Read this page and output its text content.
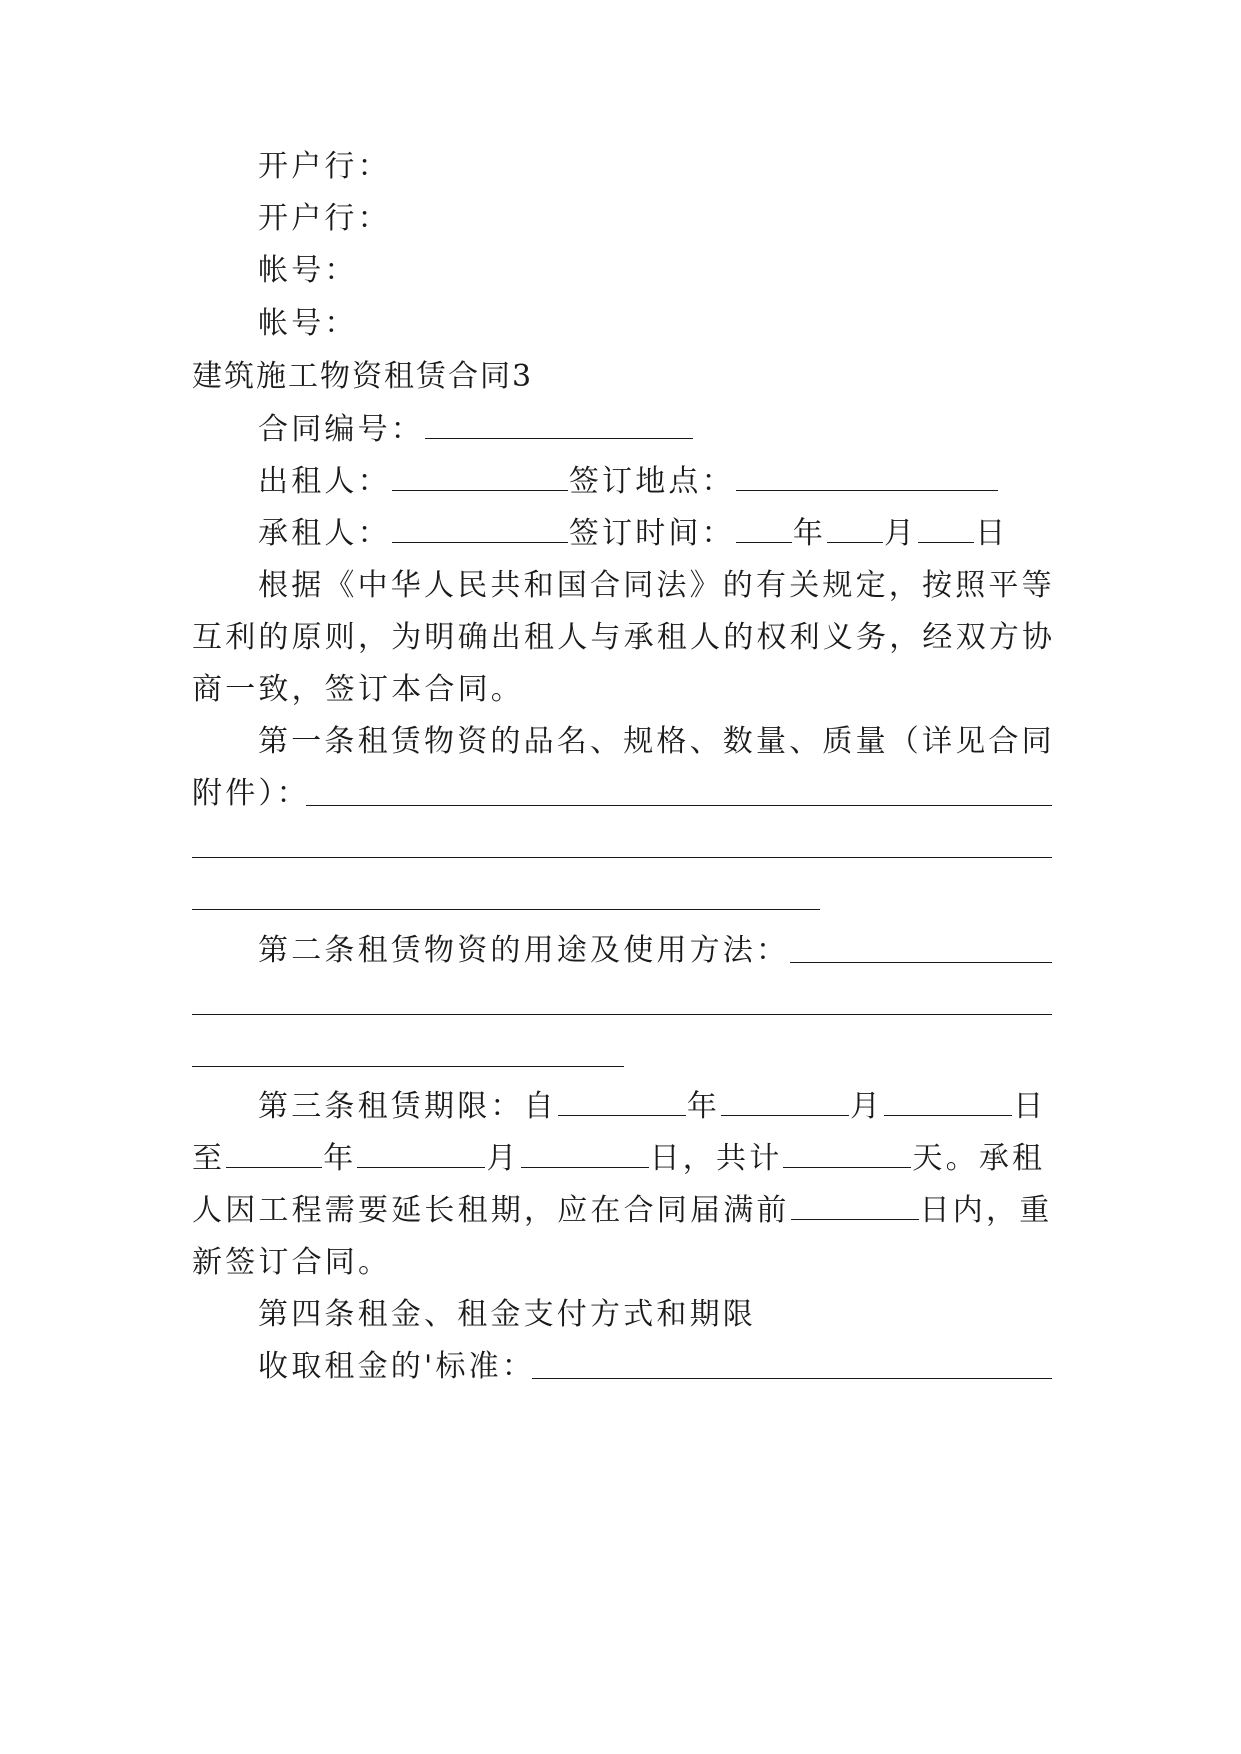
开户行：
开户行：
帐号：
帐号：
建筑施工物资租赁合同3
合同编号：
出租人：	签订地点：
承租人：	签订时间： 年 月 日
根据《中华人民共和国合同法》的有关规定，按照平等
互利的原则，为明确出租人与承租人的权利义务，经双方协
商一致，签订本合同。
第一条租赁物资的品名、规格、数量、质量（详见合同
附件）：
第二条租赁物资的用途及使用方法：
第三条租赁期限：自	年	月	日
至	年	月	日，共计	天。承租
人因工程需要延长租期，应在合同届满前	日内，重
新签订合同。
第四条租金、租金支付方式和期限
收取租金的'标准：
